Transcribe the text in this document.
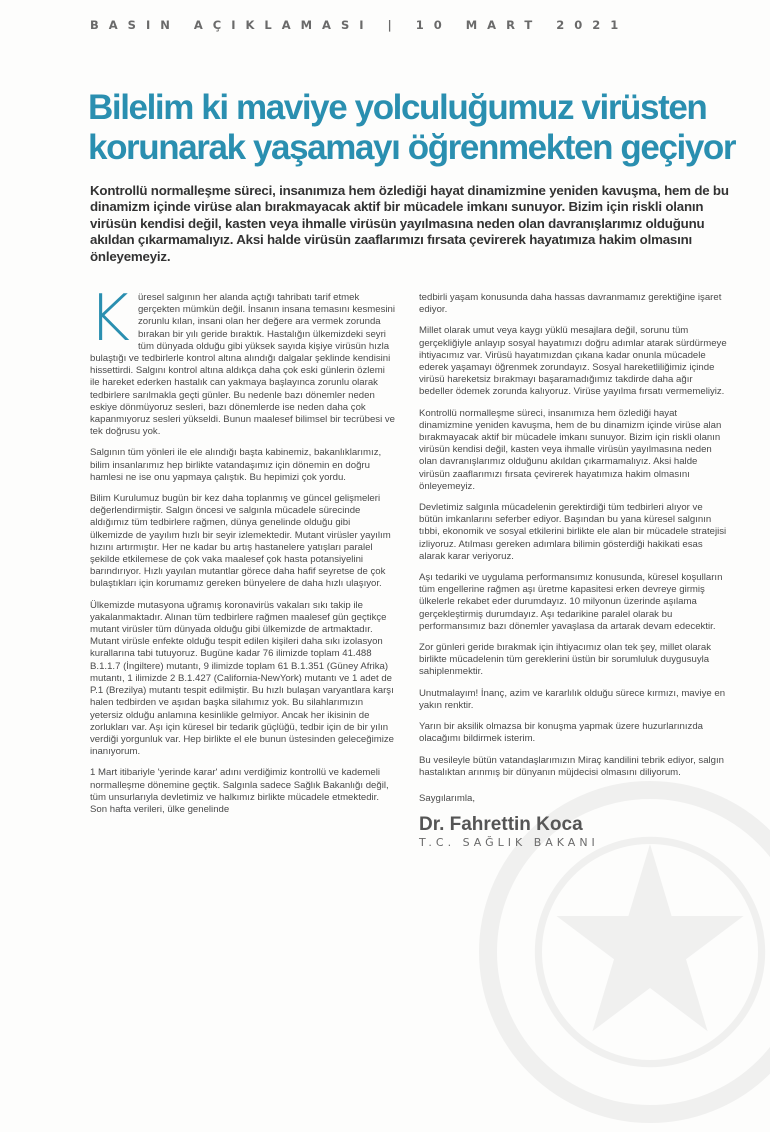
BASIN AÇIKLAMASI | 10 MART 2021
Bilelim ki maviye yolculuğumuz virüsten korunarak yaşamayı öğrenmekten geçiyor
Kontrollü normalleşme süreci, insanımıza hem özlediği hayat dinamizmine yeniden kavuşma, hem de bu dinamizm içinde virüse alan bırakmayacak aktif bir mücadele imkanı sunuyor. Bizim için riskli olanın virüsün kendisi değil, kasten veya ihmalle virüsün yayılmasına neden olan davranışlarımız olduğunu akıldan çıkarmamalıyız. Aksi halde virüsün zaaflarımızı fırsata çevirerek hayatımıza hakim olmasını önleyemeyiz.

Küresel salgının her alanda açtığı tahribatı tarif etmek gerçekten mümkün değil. İnsanın insana temasını kesmesini zorunlu kılan, insani olan her değere ara vermek zorunda bırakan bir yılı geride bıraktık. Hastalığın ülkemizdeki seyri tüm dünyada olduğu gibi yüksek sayıda kişiye virüsün hızla bulaştığı ve tedbirlerle kontrol altına alındığı dalgalar şeklinde kendisini hissettirdi. Salgını kontrol altına aldıkça daha çok eski günlerin özlemi ile hareket ederken hastalık can yakmaya başlayınca zorunlu olarak tedbirlere sarılmakla geçti günler. Bu nedenle bazı dönemler neden eskiye dönmüyoruz sesleri, bazı dönemlerde ise neden daha çok kapanmıyoruz sesleri yükseldi. Bunun maalesef bilimsel bir tecrübesi ve tek doğrusu yok.

Salgının tüm yönleri ile ele alındığı başta kabinemiz, bakanlıklarımız, bilim insanlarımız hep birlikte vatandaşımız için dönemin en doğru hamlesi ne ise onu yapmaya çalıştık. Bu hepimizi çok yordu.

Bilim Kurulumuz bugün bir kez daha toplanmış ve güncel gelişmeleri değerlendirmiştir. Salgın öncesi ve salgınla mücadele sürecinde aldığımız tüm tedbirlere rağmen, dünya genelinde olduğu gibi ülkemizde de yayılım hızlı bir seyir izlemektedir. Mutant virüsler yayılım hızını artırmıştır. Her ne kadar bu artış hastanelere yatışları paralel şekilde etkilemese de çok vaka maalesef çok hasta potansiyelini barındırıyor. Hızlı yayılan mutantlar görece daha hafif seyretse de çok bulaştıkları için korumamız gereken bünyelere de daha hızlı ulaşıyor.

Ülkemizde mutasyona uğramış koronavirüs vakaları sıkı takip ile yakalanmaktadır. Alınan tüm tedbirlere rağmen maalesef gün geçtikçe mutant virüsler tüm dünyada olduğu gibi ülkemizde de artmaktadır. Mutant virüsle enfekte olduğu tespit edilen kişileri daha sıkı izolasyon kurallarına tabi tutuyoruz. Bugüne kadar 76 ilimizde toplam 41.488 B.1.1.7 (İngiltere) mutantı, 9 ilimizde toplam 61 B.1.351 (Güney Afrika) mutantı, 1 ilimizde 2 B.1.427 (California-NewYork) mutantı ve 1 adet de P.1 (Brezilya) mutantı tespit edilmiştir. Bu hızlı bulaşan varyantlara karşı halen tedbirden ve aşıdan başka silahımız yok. Bu silahlarımızın yetersiz olduğu anlamına kesinlikle gelmiyor. Ancak her ikisinin de zorlukları var. Aşı için küresel bir tedarik güçlüğü, tedbir için de bir yılın verdiği yorgunluk var. Hep birlikte el ele bunun üstesinden geleceğimize inanıyorum.

1 Mart itibariyle 'yerinde karar' adını verdiğimiz kontrollü ve kademeli normalleşme dönemine geçtik. Salgınla sadece Sağlık Bakanlığı değil, tüm unsurlarıyla devletimiz ve halkımız birlikte mücadele etmektedir. Son hafta verileri, ülke genelinde

tedbirli yaşam konusunda daha hassas davranmamız gerektiğine işaret ediyor.

Millet olarak umut veya kaygı yüklü mesajlara değil, sorunu tüm gerçekliğiyle anlayıp sosyal hayatımızı doğru adımlar atarak sürdürmeye ihtiyacımız var. Virüsü hayatımızdan çıkana kadar onunla mücadele ederek yaşamayı öğrenmek zorundayız. Sosyal hareketliliğimiz içinde virüsü hareketsiz bırakmayı başaramadığımız takdirde daha ağır bedeller ödemek zorunda kalıyoruz. Virüse yayılma fırsatı vermemeliyiz.

Kontrollü normalleşme süreci, insanımıza hem özlediği hayat dinamizmine yeniden kavuşma, hem de bu dinamizm içinde virüse alan bırakmayacak aktif bir mücadele imkanı sunuyor. Bizim için riskli olanın virüsün kendisi değil, kasten veya ihmalle virüsün yayılmasına neden olan davranışlarımız olduğunu akıldan çıkarmamalıyız. Aksi halde virüsün zaaflarımızı fırsata çevirerek hayatımıza hakim olmasını önleyemeyiz.

Devletimiz salgınla mücadelenin gerektirdiği tüm tedbirleri alıyor ve bütün imkanlarını seferber ediyor. Başından bu yana küresel salgının tıbbi, ekonomik ve sosyal etkilerini birlikte ele alan bir mücadele stratejisi izliyoruz. Atılması gereken adımlara bilimin gösterdiği hakikati esas alarak karar veriyoruz.

Aşı tedariki ve uygulama performansımız konusunda, küresel koşulların tüm engellerine rağmen aşı üretme kapasitesi erken devreye girmiş ülkelerle rekabet eder durumdayız. 10 milyonun üzerinde aşılama gerçekleştirmiş durumdayız. Aşı tedarikine paralel olarak bu performansımız bazı dönemler yavaşlasa da artarak devam edecektir.

Zor günleri geride bırakmak için ihtiyacımız olan tek şey, millet olarak birlikte mücadelenin tüm gereklerini üstün bir sorumluluk duygusuyla sahiplenmektir.

Unutmalayım! İnanç, azim ve kararlılık olduğu sürece kırmızı, maviye en yakın renktir.

Yarın bir aksilik olmazsa bir konuşma yapmak üzere huzurlarınızda olacağımı bildirmek isterim.

Bu vesileyle bütün vatandaşlarımızın Miraç kandilini tebrik ediyor, salgın hastalıktan arınmış bir dünyanın müjdecisi olmasını diliyorum.

Saygılarımla,

Dr. Fahrettin Koca
T.C. SAĞLIK BAKANI
